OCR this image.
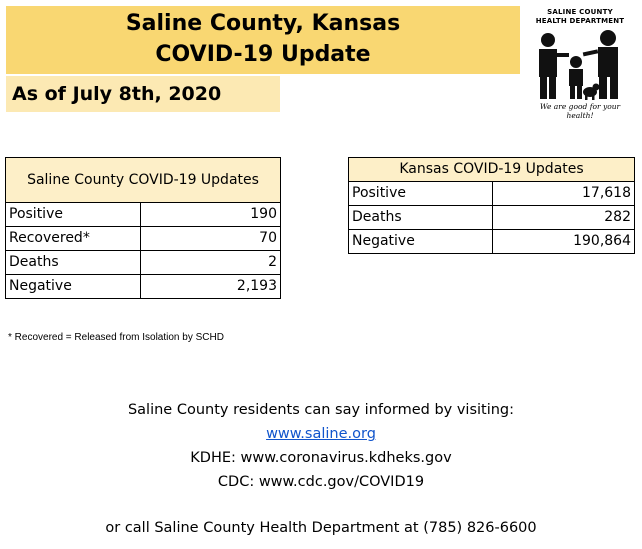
Saline County, Kansas
COVID-19 Update
As of July 8th, 2020
SALINE COUNTY
HEALTH DEPARTMENT
We are good for your health!
Saline County COVID-19 Updates	
Positive	190
Recovered*	70
Deaths	2
Negative	2,193
Kansas COVID-19 Updates	
Positive	17,618
Deaths	282
Negative	190,864
* Recovered = Released from Isolation by SCHD
Saline County residents can say informed by visiting:
www.saline.org
KDHE: www.coronavirus.kdheks.gov
CDC: www.cdc.gov/COVID19
or call Saline County Health Department at (785) 826-6600
